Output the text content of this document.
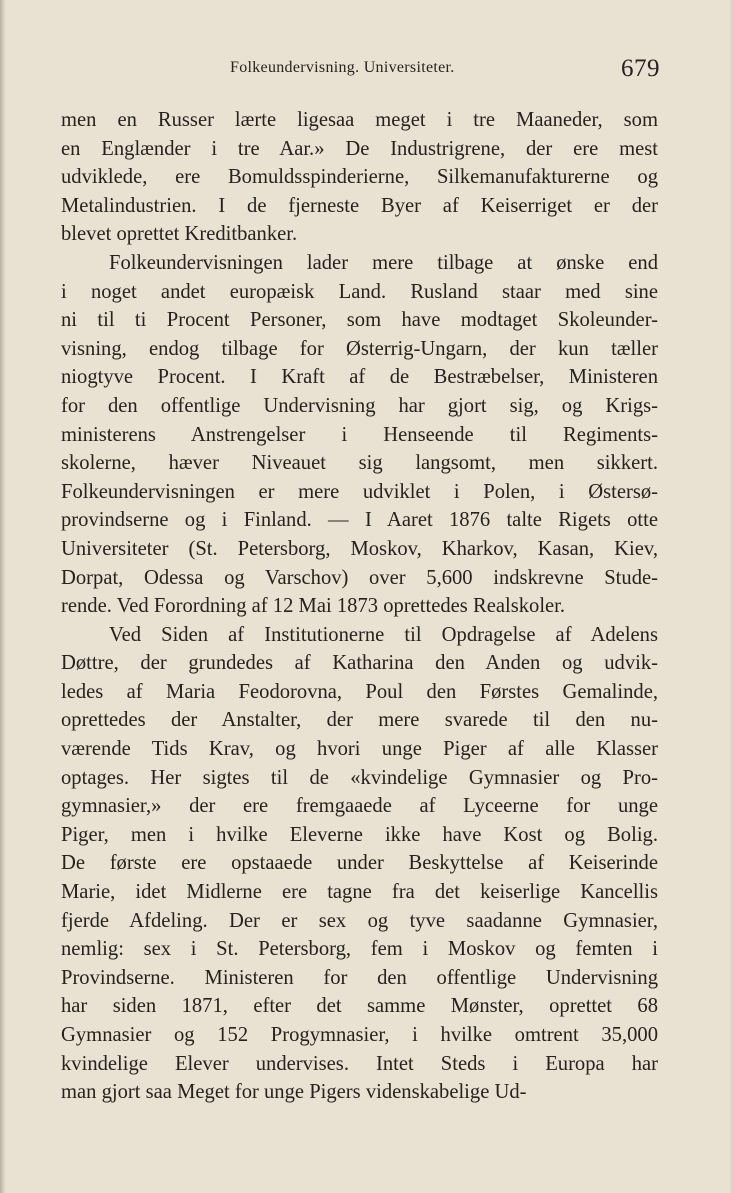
Folkeundervisning. Universiteter.	679
men en Russer lærte ligesaa meget i tre Maaneder, som
en Englænder i tre Aar.» De Industrigrene, der ere mest
udviklede, ere Bomuldsspinderierne, Silkemanufakturerne og
Metalindustrien. I de fjerneste Byer af Keiserriget er der
blevet oprettet Kreditbanker.
Folkeundervisningen lader mere tilbage at ønske end
i noget andet europæisk Land. Rusland staar med sine
ni til ti Procent Personer, som have modtaget Skoleunder-
visning, endog tilbage for Østerrig-Ungarn, der kun tæller
niogtyve Procent. I Kraft af de Bestræbelser, Ministeren
for den offentlige Undervisning har gjort sig, og Krigs-
ministerens Anstrengelser i Henseende til Regiments-
skolerne, hæver Niveauet sig langsomt, men sikkert.
Folkeundervisningen er mere udviklet i Polen, i Østersø-
provindserne og i Finland. — I Aaret 1876 talte Rigets otte
Universiteter (St. Petersborg, Moskov, Kharkov, Kasan, Kiev,
Dorpat, Odessa og Varschov) over 5,600 indskrevne Stude-
rende. Ved Forordning af 12 Mai 1873 oprettedes Realskoler.
Ved Siden af Institutionerne til Opdragelse af Adelens
Døttre, der grundedes af Katharina den Anden og udvik-
ledes af Maria Feodorovna, Poul den Førstes Gemalinde,
oprettedes der Anstalter, der mere svarede til den nu-
værende Tids Krav, og hvori unge Piger af alle Klasser
optages. Her sigtes til de «kvindelige Gymnasier og Pro-
gymnasier,» der ere fremgaaede af Lyceerne for unge
Piger, men i hvilke Eleverne ikke have Kost og Bolig.
De første ere opstaaede under Beskyttelse af Keiserinde
Marie, idet Midlerne ere tagne fra det keiserlige Kancellis
fjerde Afdeling. Der er sex og tyve saadanne Gymnasier,
nemlig: sex i St. Petersborg, fem i Moskov og femten i
Provindserne. Ministeren for den offentlige Undervisning
har siden 1871, efter det samme Mønster, oprettet 68
Gymnasier og 152 Progymnasier, i hvilke omtrent 35,000
kvindelige Elever undervises. Intet Steds i Europa har
man gjort saa Meget for unge Pigers videnskabelige Ud-
